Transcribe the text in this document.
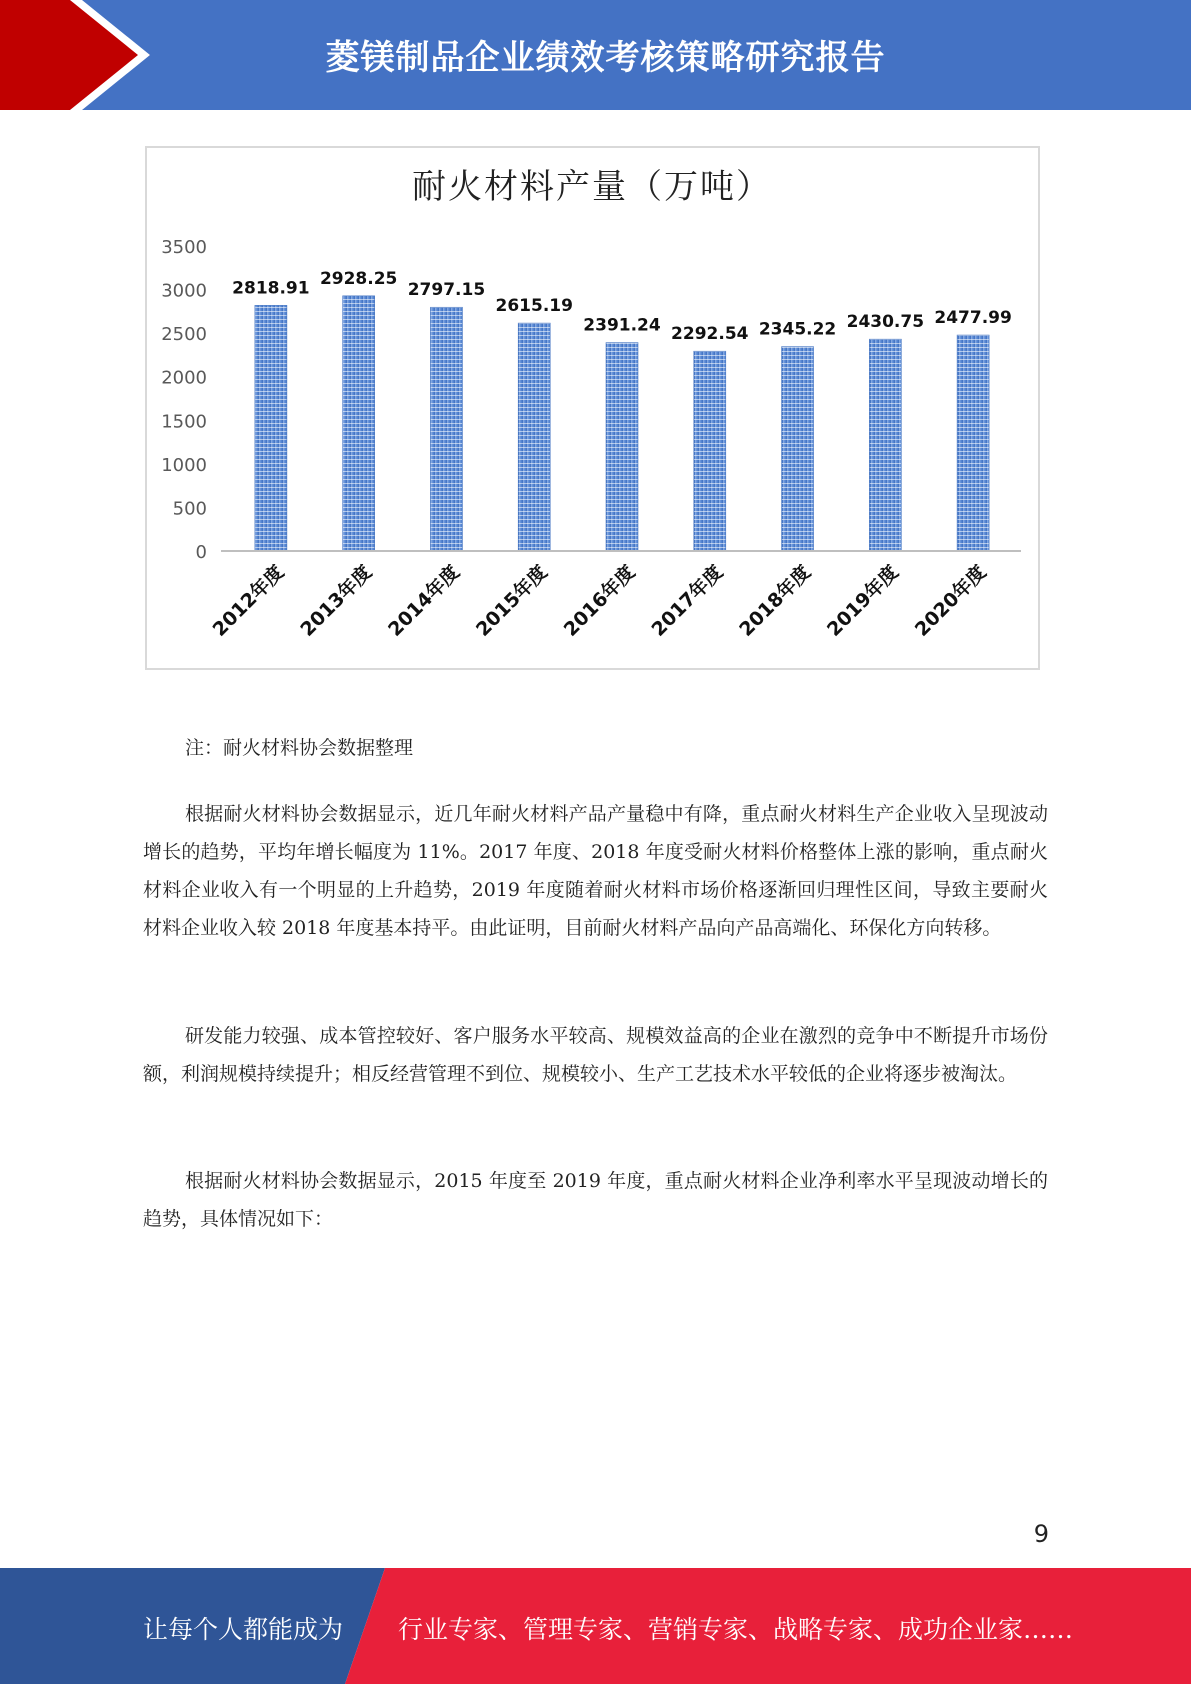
菱镁制品企业绩效考核策略研究报告
耐火材料产量（万吨）
0
500
1000
1500
2000
2500
3000
3500
2818.91
2012年度
2928.25
2013年度
2797.15
2014年度
2615.19
2015年度
2391.24
2016年度
2292.54
2017年度
2345.22
2018年度
2430.75
2019年度
2477.99
2020年度
注：耐火材料协会数据整理

根据耐火材料协会数据显示，近几年耐火材料产品产量稳中有降，重点耐火材料生产企业收入呈现波动增长的趋势，平均年增长幅度为 11%。2017 年度、2018 年度受耐火材料价格整体上涨的影响，重点耐火材料企业收入有一个明显的上升趋势，2019 年度随着耐火材料市场价格逐渐回归理性区间，导致主要耐火材料企业收入较 2018 年度基本持平。由此证明，目前耐火材料产品向产品高端化、环保化方向转移。

研发能力较强、成本管控较好、客户服务水平较高、规模效益高的企业在激烈的竞争中不断提升市场份额，利润规模持续提升；相反经营管理不到位、规模较小、生产工艺技术水平较低的企业将逐步被淘汰。

根据耐火材料协会数据显示，2015 年度至 2019 年度，重点耐火材料企业净利率水平呈现波动增长的趋势，具体情况如下：

9
让每个人都能成为 行业专家、管理专家、营销专家、战略专家、成功企业家……
